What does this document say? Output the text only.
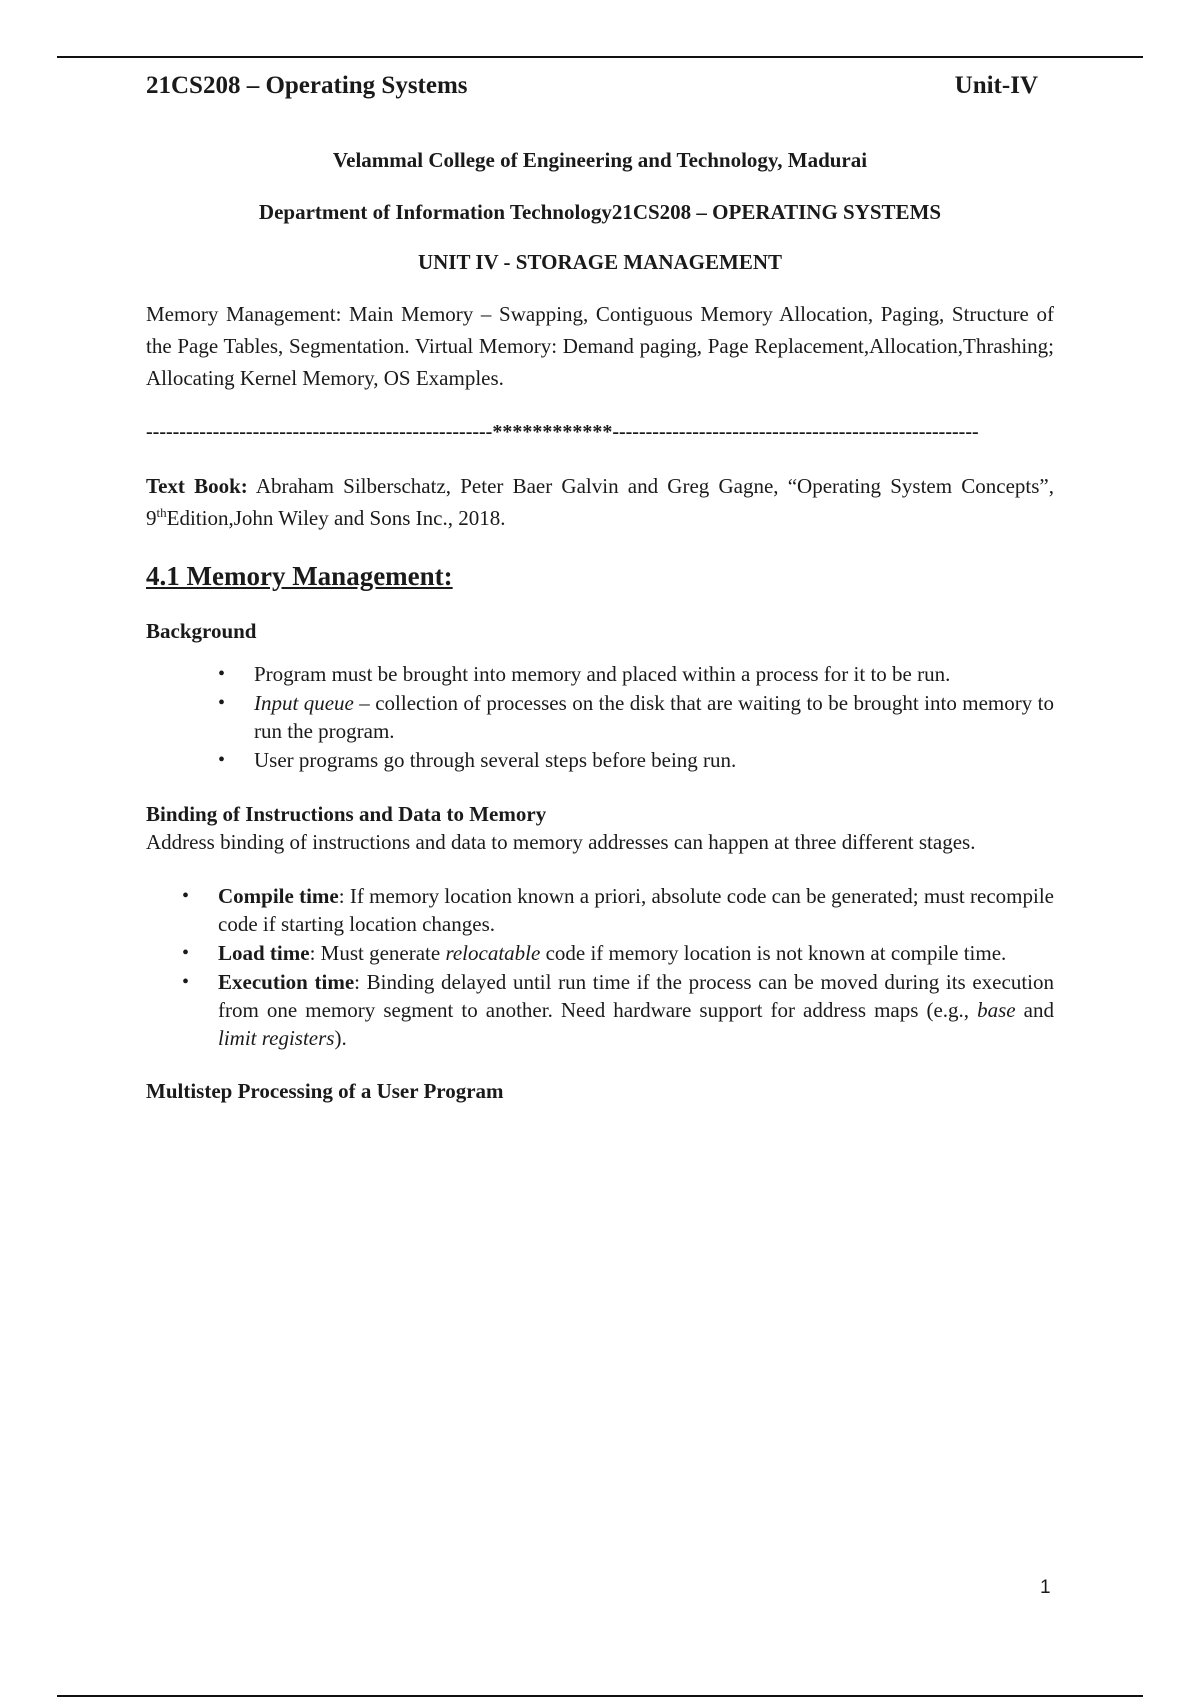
21CS208 – Operating Systems	Unit-IV

Velammal College of Engineering and Technology, Madurai

Department of Information Technology21CS208 – OPERATING SYSTEMS

UNIT IV - STORAGE MANAGEMENT

Memory Management: Main Memory – Swapping, Contiguous Memory Allocation, Paging, Structure of the Page Tables, Segmentation. Virtual Memory: Demand paging, Page Replacement,Allocation,Thrashing; Allocating Kernel Memory, OS Examples.

----------------------------------------------------************-------------------------------------------------------

Text Book: Abraham Silberschatz, Peter Baer Galvin and Greg Gagne, “Operating System Concepts”, 9thEdition,John Wiley and Sons Inc., 2018.

4.1 Memory Management:

Background

• Program must be brought into memory and placed within a process for it to be run.
• Input queue – collection of processes on the disk that are waiting to be brought into memory to run the program.
• User programs go through several steps before being run.

Binding of Instructions and Data to Memory

Address binding of instructions and data to memory addresses can happen at three different stages.

• Compile time: If memory location known a priori, absolute code can be generated; must recompile code if starting location changes.
• Load time: Must generate relocatable code if memory location is not known at compile time.
• Execution time: Binding delayed until run time if the process can be moved during its execution from one memory segment to another. Need hardware support for address maps (e.g., base and limit registers).

Multistep Processing of a User Program

1
